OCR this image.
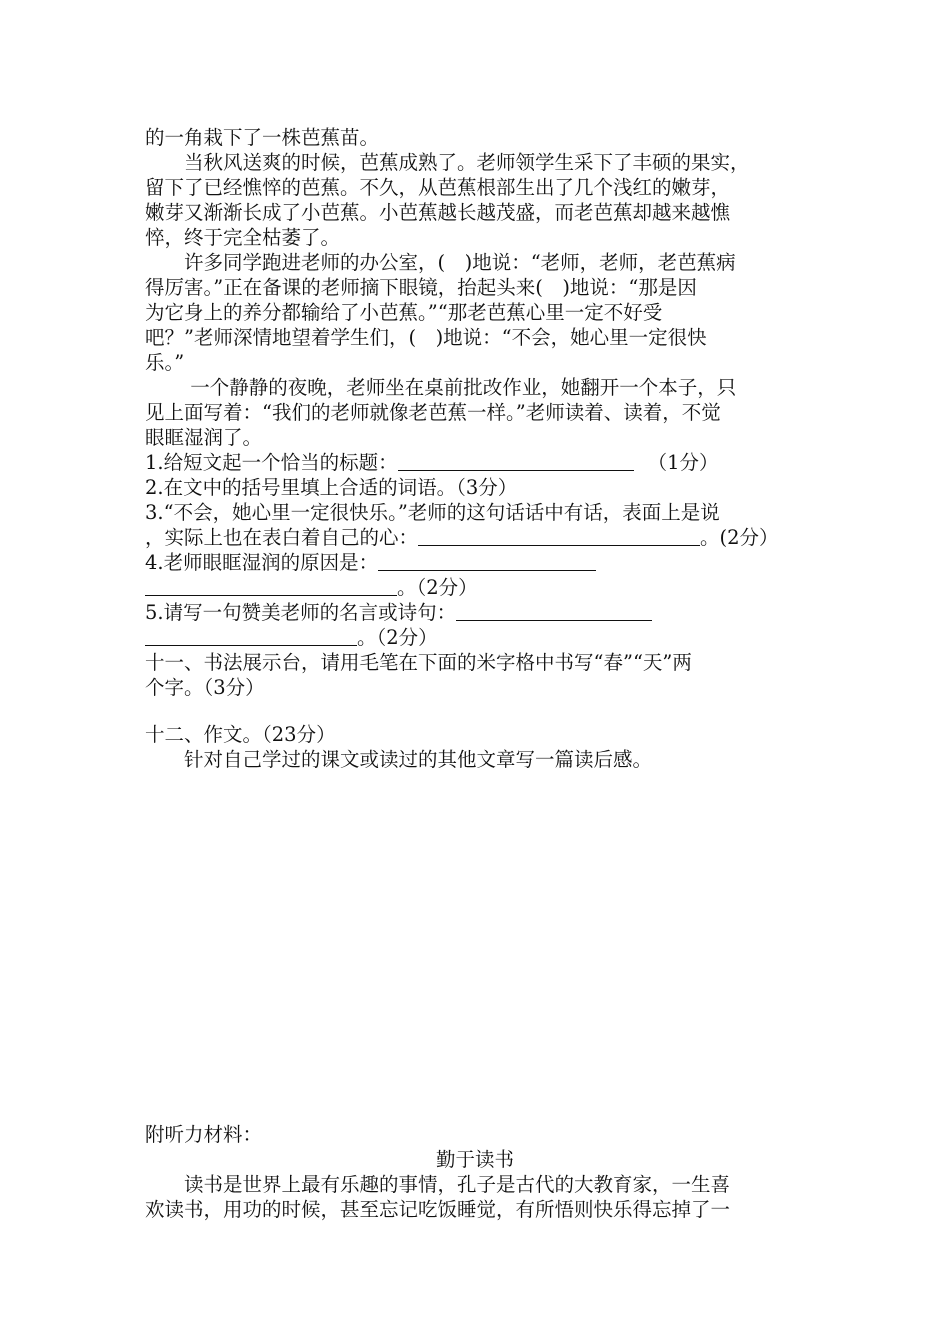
的一角栽下了一株芭蕉苗。
　　当秋风送爽的时候，芭蕉成熟了。老师领学生采下了丰硕的果实，
留下了已经憔悴的芭蕉。不久，从芭蕉根部生出了几个浅红的嫩芽，
嫩芽又渐渐长成了小芭蕉。小芭蕉越长越茂盛，而老芭蕉却越来越憔
悴，终于完全枯萎了。
　　许多同学跑进老师的办公室，(　)地说：“老师，老师，老芭蕉病
得厉害。”正在备课的老师摘下眼镜，抬起头来(　)地说：“那是因
为它身上的养分都输给了小芭蕉。”“那老芭蕉心里一定不好受
吧？”老师深情地望着学生们，(　)地说：“不会，她心里一定很快
乐。”
　　 一个静静的夜晚，老师坐在桌前批改作业，她翻开一个本子，只
见上面写着：“我们的老师就像老芭蕉一样。”老师读着、读着，不觉
眼眶湿润了。
1.给短文起一个恰当的标题：	（1分）
2.在文中的括号里填上合适的词语。（3分）
3.“不会，她心里一定很快乐。”老师的这句话话中有话，表面上是说
，实际上也在表白着自己的心：	。(2分）
4.老师眼眶湿润的原因是：
。（2分）
5.请写一句赞美老师的名言或诗句：
。（2分）
十一、书法展示台，请用毛笔在下面的米字格中书写“春”“天”两
个字。（3分）
十二、作文。（23分）
　　针对自己学过的课文或读过的其他文章写一篇读后感。
附听力材料：
勤于读书
　　读书是世界上最有乐趣的事情，孔子是古代的大教育家，一生喜
欢读书，用功的时候，甚至忘记吃饭睡觉，有所悟则快乐得忘掉了一
